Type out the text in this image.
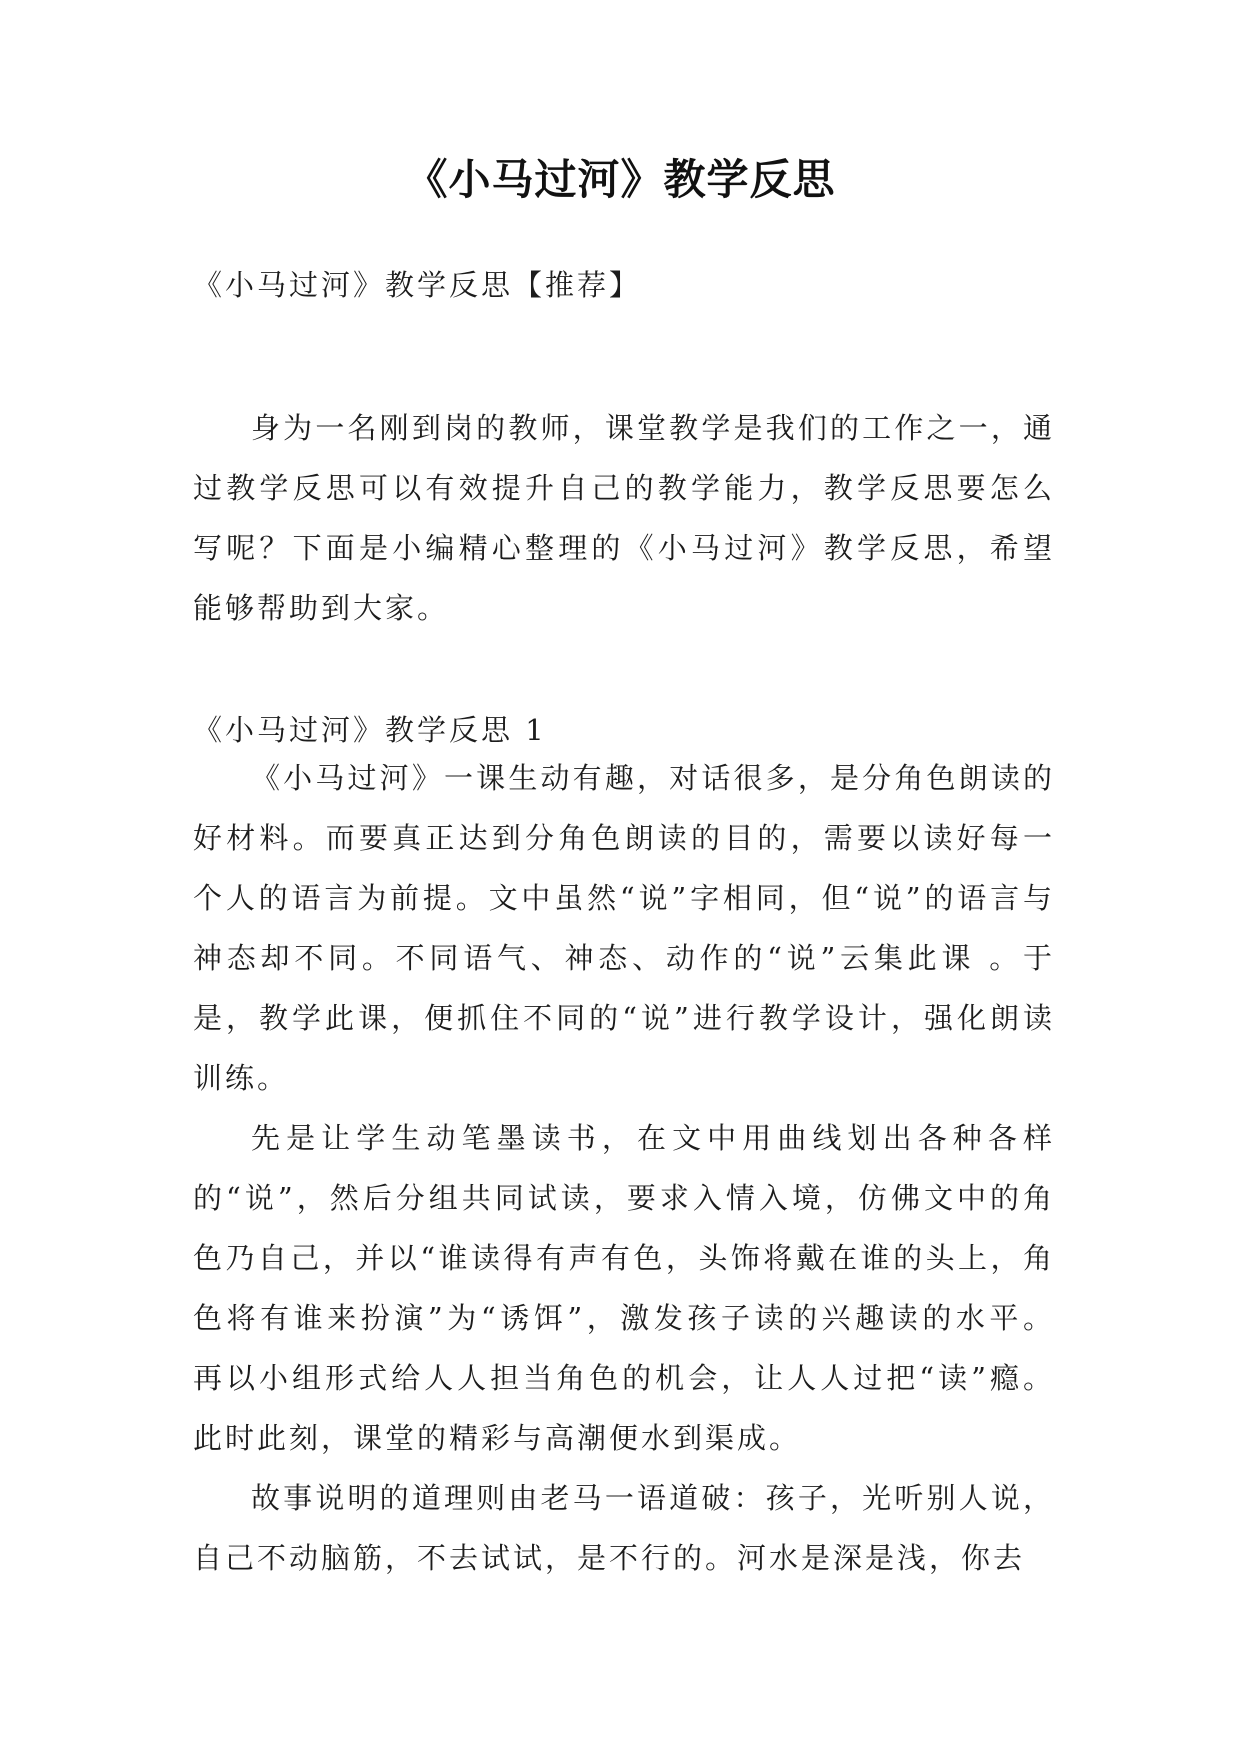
《小马过河》教学反思

《小马过河》教学反思【推荐】

身为一名刚到岗的教师，课堂教学是我们的工作之一，通过教学反思可以有效提升自己的教学能力，教学反思要怎么写呢？下面是小编精心整理的《小马过河》教学反思，希望能够帮助到大家。

《小马过河》教学反思 1

《小马过河》一课生动有趣，对话很多，是分角色朗读的好材料。而要真正达到分角色朗读的目的，需要以读好每一个人的语言为前提。文中虽然“说”字相同，但“说”的语言与神态却不同。不同语气、神态、动作的“说”云集此课 。于是，教学此课，便抓住不同的“说”进行教学设计，强化朗读训练。

先是让学生动笔墨读书，在文中用曲线划出各种各样的“说”，然后分组共同试读，要求入情入境，仿佛文中的角色乃自己，并以“谁读得有声有色，头饰将戴在谁的头上，角色将有谁来扮演”为“诱饵”，激发孩子读的兴趣读的水平。 再以小组形式给人人担当角色的机会，让人人过把“读”瘾。此时此刻，课堂的精彩与高潮便水到渠成。

故事说明的道理则由老马一语道破：孩子，光听别人说，自己不动脑筋，不去试试，是不行的。河水是深是浅，你去
